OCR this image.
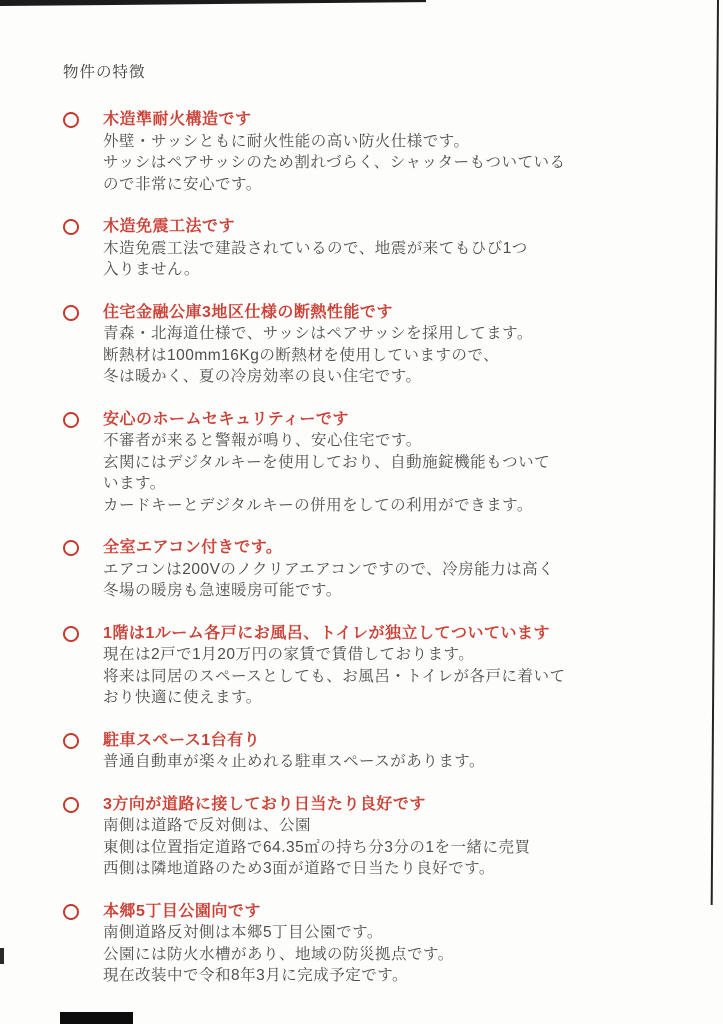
物件の特徴
木造準耐火構造です

外壁・サッシともに耐火性能の高い防火仕様です。

サッシはペアサッシのため割れづらく、シャッターもついている

ので非常に安心です。

木造免震工法です

木造免震工法で建設されているので、地震が来てもひび1つ

入りません。

住宅金融公庫3地区仕様の断熱性能です

青森・北海道仕様で、サッシはペアサッシを採用してます。

断熱材は100mm16Kgの断熱材を使用していますので、

冬は暖かく、夏の冷房効率の良い住宅です。

安心のホームセキュリティーです

不審者が来ると警報が鳴り、安心住宅です。

玄関にはデジタルキーを使用しており、自動施錠機能もついて

います。

カードキーとデジタルキーの併用をしての利用ができます。

全室エアコン付きです。

エアコンは200Vのノクリアエアコンですので、冷房能力は高く

冬場の暖房も急速暖房可能です。

1階は1ルーム各戸にお風呂、トイレが独立してついています

現在は2戸で1月20万円の家賃で賃借しております。

将来は同居のスペースとしても、お風呂・トイレが各戸に着いて

おり快適に使えます。

駐車スペース1台有り

普通自動車が楽々止めれる駐車スペースがあります。

3方向が道路に接しており日当たり良好です

南側は道路で反対側は、公園

東側は位置指定道路で64.35㎡の持ち分3分の1を一緒に売買

西側は隣地道路のため3面が道路で日当たり良好です。

本郷5丁目公園向です

南側道路反対側は本郷5丁目公園です。

公園には防火水槽があり、地域の防災拠点です。

現在改装中で令和8年3月に完成予定です。
